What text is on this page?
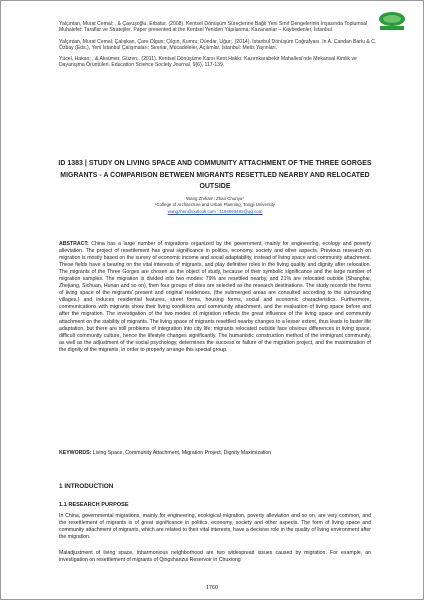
Yalçıntan, Murat Cemal; , & Çavuşoğlu, Erbatur. (2008). Kentsel Dönüşüm Süreçlerine Bağlı Yeni Sınıf Dengelerinin İnşasında Toplumsal Muhalefet: Taraflar ve Stratejiler. Paper presented at the Kentsel Yeniden Yapılanma: Kazananlar – Kaybedenler, İstanbul.

Yalçıntan, Murat Cemal; Çalışkan, Çare Olgun; Çılgın, Kumru; Dündar, Uğur;. (2014). İstanbul Dönüşüm Coğrafyası. In A. Candan Barlu & C. Özbay (Eds.), Yeni İstanbul Çalışmaları: Sınırlar, Mücadeleler, Açılımlar. İstanbul: Metis Yayınları.

Yücel, Hakan; , & Aksümer, Güzen;. (2011). Kentsel Dönüşüme Karsı Kent Hakkı: Kazımkarabekir Mahallesi'nde Mekansal Kimlik ve Dayanışma Örüntüleri. Education Science Society Journal, 9(6), 117-139.

ID 1383 | STUDY ON LIVING SPACE AND COMMUNITY ATTACHMENT OF THE THREE GORGES MIGRANTS - A COMPARISON BETWEEN MIGRANTS RESETTLED NEARBY AND RELOCATED OUTSIDE
Wang Zhihan¹; Zhao Chunyu¹
¹College of Architecture and Urban Planning, Tongji University
wangzhnn@outlook.com ; 1194093492@qq.com
ABSTRACT: China has a large number of migrations organized by the government, mainly for engineering, ecology and poverty alleviation. The project of resettlement has great significance in politics, economy, society and other aspects. Previous research on migration is mostly based on the survey of economic income and social adaptability, instead of living space and community attachment. These fields have a bearing on the vital interests of migrants, and play definitive roles in the living quality and dignity after relocation. The migrants of the Three Gorges are chosen as the object of study, because of their symbolic significance and the large number of migration samples. The migration is divided into two modes: 79% are resettled nearby, and 21% are relocated outside (Shanghai, Zhejiang, Sichuan, Hunan and so on), then four groups of sites are selected as the research destinations. The study records the forms of living space of the migrants' present and original residences, (the submerged areas are consulted according to the surrounding villages.) and induces residential features, street forms, housing forms, social and economic characteristics. Furthermore, communications with migrants show their living conditions and community attachment, and the evaluation of living space before and after the migration. The investigation of the two modes of migration reflects the great influence of the living space and community attachment on the stability of migrants. The living space of migrants resettled nearby changes to a lesser extent, thus leads to faster life adaptation, but there are still problems of integration into city life; migrants relocated outside face obvious differences in living space, difficult community culture, hence the lifestyle changes significantly. The humanistic construction method of the immigrant community, as well as the adjustment of the social psychology, determines the success or failure of the migration project, and the maximization of the dignity of the migrants, in order to properly arrange this special group.
KEYWORDS: Living Space, Community Attachment, Migration Project, Dignity Maximization
1 INTRODUCTION
1.1 RESEARCH PURPOSE
In China, governmental migrations, mainly for engineering, ecological migration, poverty alleviation and so on, are very common, and the resettlement of migrants is of great significance in politics, economy, society and other aspects. The form of living space and community attachment of migrants, which are related to their vital interests, have a decisive role in the quality of living environment after the migration.
Maladjustment of living space, inharmonious neighborhood are two widespread issues caused by migration. For example, an investigation on resettlement of migrants of Qingshanzui Reservoir in Chuxiong
1760
